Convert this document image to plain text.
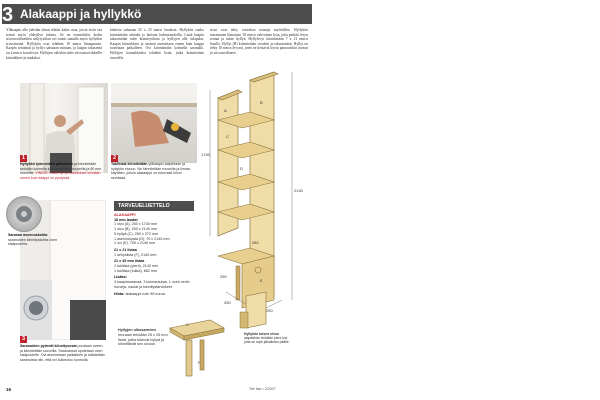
3 Alakaappi ja hyllykkö
Yläkaapin alle jäävään tilaan tehtiin kaksi osaa, joista isoin osa toimii myös ylähyllyn tukena. Se on esimerkiksi kodin siivousvälineiden säilytystilan ovi toimii samalla myös hyllykön sivuseinänä. Hyllykön osat tehdään 18 mm:n liimapuusta. Kaapin seinämät ja hyllyt sahataan mittaan, ja kaapin takaseinä on 4 mm:n kovalevyä. Hyllyjen väleihin tulee siivoustarvikkeille kiinnikkeet ja naulakot.
kaluista sahataan 25 x 25 mm:n laudasta. Hyllykön runko kiinnitetään seinään ja lattiaan kulmaraudoilla. Lisää kaapin takaseinään tulee kiinnityslistat ja hyllyjen alle tukipalat. Kaapin kiinnikkeet ja saranat asennetaan ennen kuin kaappi nostetaan paikalleen. Ovi kiinnitetään kolmella saranalla. Hyllyjen kannakkeiksi tehdään listat, jotka kiinnitetään ruuveilla.
sivut ovat tehty oviaukon reunoja myötäillen. Hyllykön etureunaan liimataan 18 mm:n vahvuinen lista, joka peittää levyn reunat ja tukee hyllyä. Hyllylevyt kiinnitetään 7 x 21 mm:n listalla. Hyllyt (B) kiinnitetään sivuihin ja takaseinään. Hyllyt on tehty 18 mm:n levystä, joten ne kestävät hyvin painavatkin tavarat ja siivousvälineet.
1
Hyllykkö työnnetään paikalleen ja kiinnitetään seinään kolmella kulmaraudalla, ruuveilla ja 80 mm ruuveilla. VINKKI: Kaikki työ ja tasoitukset tehdään ennen kuin kaappi on pystyssä.
2
Tukilistat kiinnitetään yläkaapin alapintaan ja hyllykön sivuun. Ne kiinnitetään ruuveilla ja liimaa käyttäen, jolloin alakaappi on tukevasti kiinni seinässä.
Saranan asennuskohta saranoiden kiinnityskohta oven sisäpuolella.
3
Saranoiden pyöreät kiinnitysosat porataan oveen ja kiinnitetään ruuveilla. Saranaosat upotetaan oven sisäpuolelle. Ovi asennetaan paikalleen ja säädetään saranoista niin, että ovi sulkeutuu kunnolla.
TARVEUELUETTELO
ALAKAAPPI
18 mm laudat
1 sivu (A), 250 x 1740 mm
1 sivu (B), 250 x 2140 mm
5 hyllyä (C), 250 x 272 mm
1 asennuspala (D), 70 x 2140 mm
1 ovi (E), 700 x 2140 mm
21 x 21 listaa
1 kehyslista (F), 2140 mm
21 x 45 mm listaa
1 tukilista (pieni), 2140 mm
1 tukilista (tukka), 682 mm
Lisäksi
3 kaapinsaranaa, 3 kulmarautaa, 1 oven vedin
ruuveja, naulat ja kiinnitystarvikkeet
Hinta: alakaappi noin 95 euroa.
Hyllyjen ulkosarmien reunaan tehdään 25 x 25 mm listat, jotka tukevat hyllyä ja kiinnittävät sen sivuun.
C
F
A
B
C
D
E
1740
2140
250
250
250
282
Hyllykön toisen sivun alapäähän tehdään pieni lovi, jotta se sopii jalkalistan päälle.
16	Tee itse • 2/2007
